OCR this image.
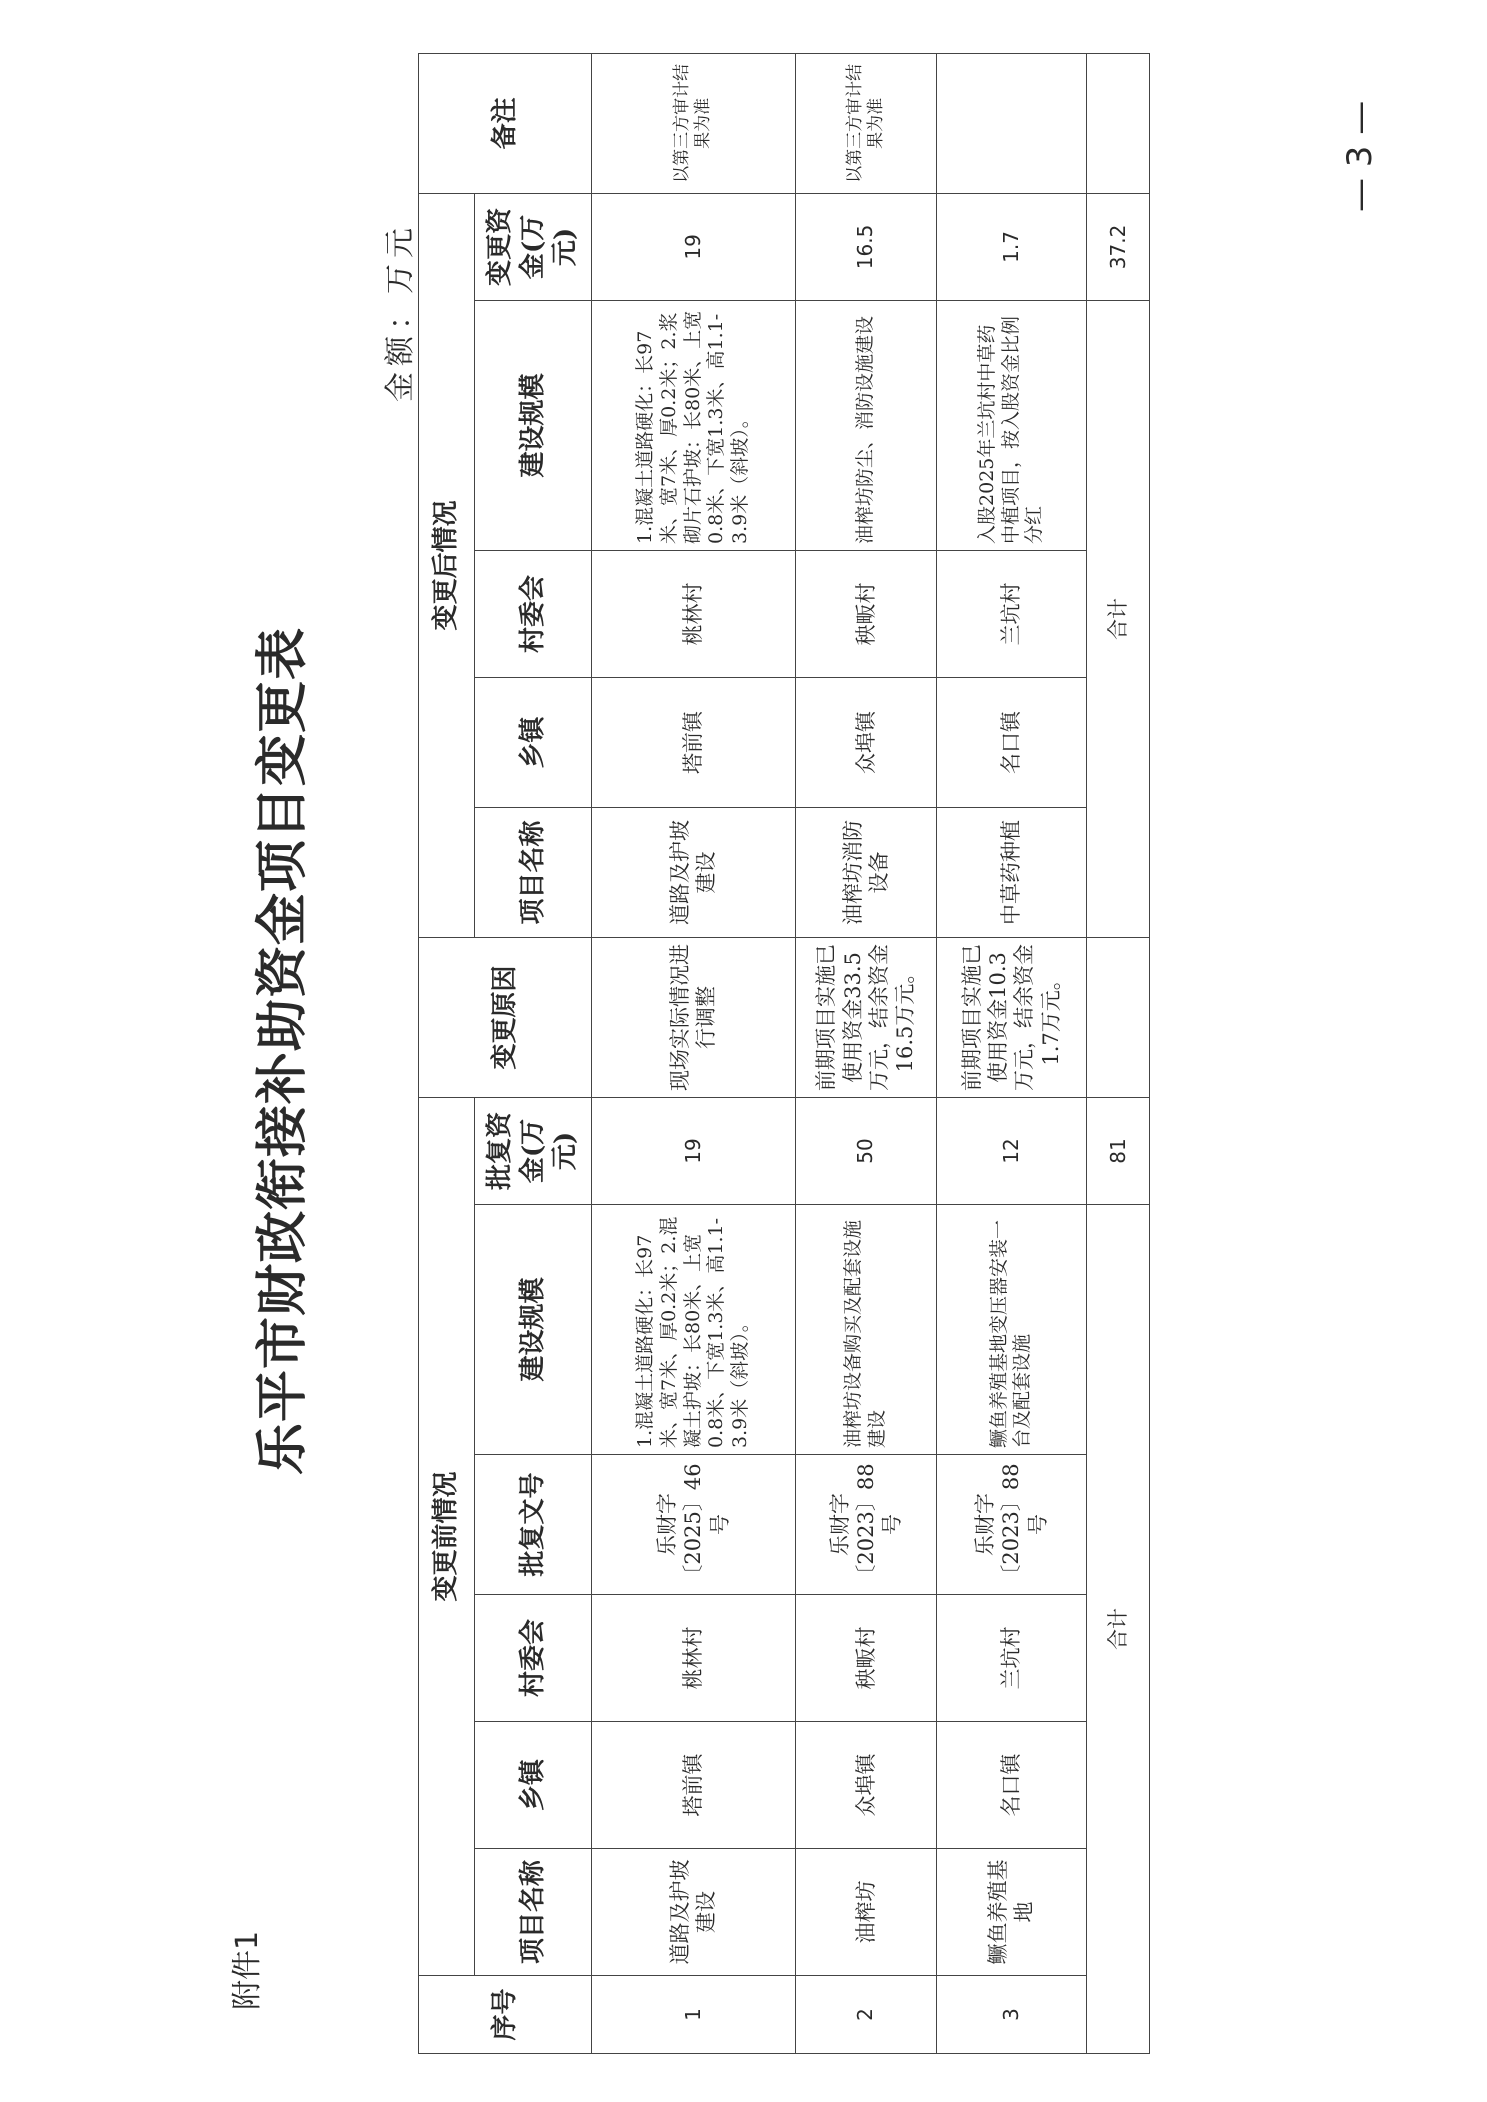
附件1
乐平市财政衔接补助资金项目变更表
金额：万元
序号	变更前情况						变更原因	变更后情况					备注
	项目名称	乡镇	村委会	批复文号	建设规模	批复资金(万元)		项目名称	乡镇	村委会	建设规模	变更资金(万元)	
1	道路及护坡建设	塔前镇	桃林村	乐财字〔2025〕46号	1.混凝土道路硬化：长97米、宽7米、厚0.2米；2.混凝土护坡：长80米、上宽0.8米、下宽1.3米、高1.1-3.9米（斜坡）。	19	现场实际情况进行调整	道路及护坡建设	塔前镇	桃林村	1.混凝土道路硬化：长97米、宽7米、厚0.2米；2.浆砌片石护坡：长80米、上宽0.8米、下宽1.3米、高1.1-3.9米（斜坡）。	19	以第三方审计结果为准
2	油榨坊	众埠镇	秧畈村	乐财字〔2023〕88号	油榨坊设备购买及配套设施建设	50	前期项目实施已使用资金33.5万元，结余资金16.5万元。	油榨坊消防设备	众埠镇	秧畈村	油榨坊防尘、消防设施建设	16.5	以第三方审计结果为准
3	鳜鱼养殖基地	名口镇	兰坑村	乐财字〔2023〕88号	鳜鱼养殖基地变压器安装一台及配套设施	12	前期项目实施已使用资金10.3万元，结余资金1.7万元。	中草药种植	名口镇	兰坑村	入股2025年兰坑村中草药中植项目，按入股资金比例分红	1.7	
合计						81		合计				37.2	
— 3 —
